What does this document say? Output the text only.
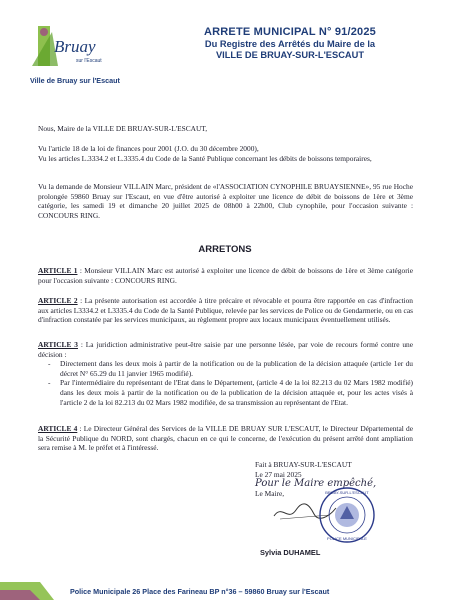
Bruay
sur l'Escaut
Ville de Bruay sur l'Escaut
ARRETE MUNICIPAL N° 91/2025
Du Registre des Arrêtés du Maire de la
VILLE DE BRUAY-SUR-L'ESCAUT
Nous, Maire de la VILLE DE BRUAY-SUR-L'ESCAUT,
Vu l'article 18 de la loi de finances pour 2001 (J.O. du 30 décembre 2000),
Vu les articles L.3334.2 et L.3335.4 du Code de la Santé Publique concernant les débits de boissons temporaires,
Vu la demande de Monsieur VILLAIN Marc, président de «l'ASSOCIATION CYNOPHILE BRUAYSIENNE», 95 rue Hoche prolongée 59860 Bruay sur l'Escaut, en vue d'être autorisé à exploiter une licence de débit de boissons de 1ère et 3ème catégorie, les samedi 19 et dimanche 20 juillet 2025 de 08h00 à 22h00, Club cynophile, pour l'occasion suivante : CONCOURS RING.
ARRETONS
ARTICLE 1 : Monsieur VILLAIN Marc est autorisé à exploiter une licence de débit de boissons de 1ère et 3ème catégorie pour l'occasion suivante : CONCOURS RING.
ARTICLE 2 : La présente autorisation est accordée à titre précaire et révocable et pourra être rapportée en cas d'infraction aux articles L3334.2 et L3335.4 du Code de la Santé Publique, relevée par les services de Police ou de Gendarmerie, ou en cas d'infraction constatée par les services municipaux, au règlement propre aux locaux municipaux éventuellement utilisés.
ARTICLE 3 : La juridiction administrative peut-être saisie par une personne lésée, par voie de recours formé contre une décision :
- Directement dans les deux mois à partir de la notification ou de la publication de la décision attaquée (article 1er du décret N° 65.29 du 11 janvier 1965 modifié).
- Par l'intermédiaire du représentant de l'Etat dans le Département, (article 4 de la loi 82.213 du 02 Mars 1982 modifié) dans les deux mois à partir de la notification ou de la publication de la décision attaquée et, pour les actes visés à l'article 2 de la loi 82.213 du 02 Mars 1982 modifiée, de sa transmission au représentant de l'Etat.
ARTICLE 4 : Le Directeur Général des Services de la VILLE DE BRUAY SUR L'ESCAUT, le Directeur Départemental de la Sécurité Publique du NORD, sont chargés, chacun en ce qui le concerne, de l'exécution du présent arrêté dont ampliation sera remise à M. le préfet et à l'intéressé.
Fait à BRUAY-SUR-L'ESCAUT
Le 27 mai 2025
Pour le Maire empêché,
Le Maire,	BRUAY-SUR-L'ESCAUT
POLICE MUNICIPALE
Sylvia DUHAMEL
Police Municipale 26 Place des Farineau BP n°36 – 59860 Bruay sur l'Escaut
